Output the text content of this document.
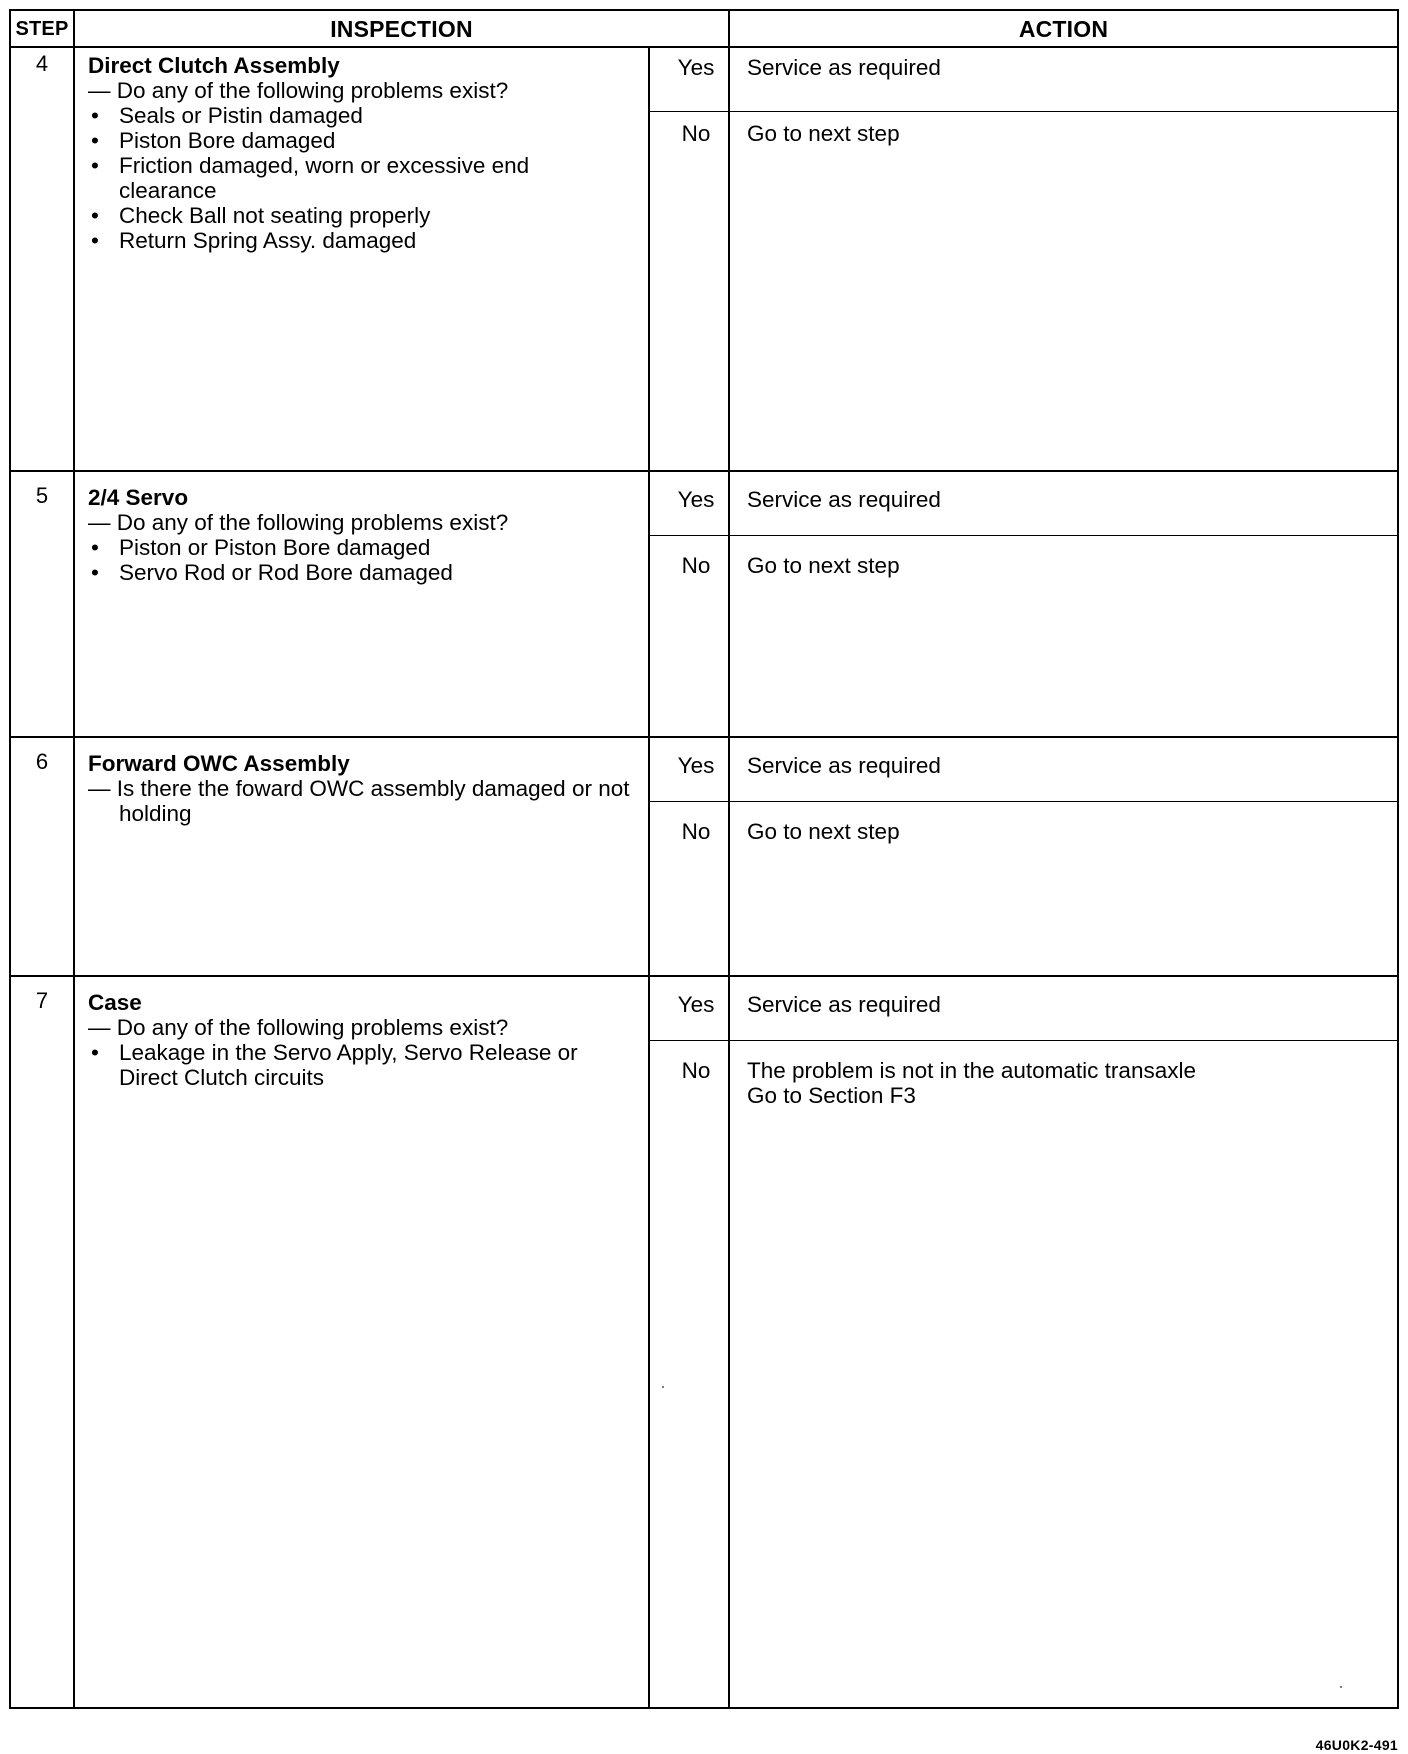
STEP	INSPECTION	ACTION
4	Direct Clutch Assembly
— Do any of the following problems exist?
• Seals or Pistin damaged
• Piston Bore damaged
• Friction damaged, worn or excessive end clearance
• Check Ball not seating properly
• Return Spring Assy. damaged
Yes	Service as required
No	Go to next step
5	2/4 Servo
— Do any of the following problems exist?
• Piston or Piston Bore damaged
• Servo Rod or Rod Bore damaged
Yes	Service as required
No	Go to next step
6	Forward OWC Assembly
— Is there the foward OWC assembly damaged or not holding
Yes	Service as required
No	Go to next step
7	Case
— Do any of the following problems exist?
• Leakage in the Servo Apply, Servo Release or Direct Clutch circuits
Yes	Service as required
No	The problem is not in the automatic transaxle
Go to Section F3
46U0K2-491
